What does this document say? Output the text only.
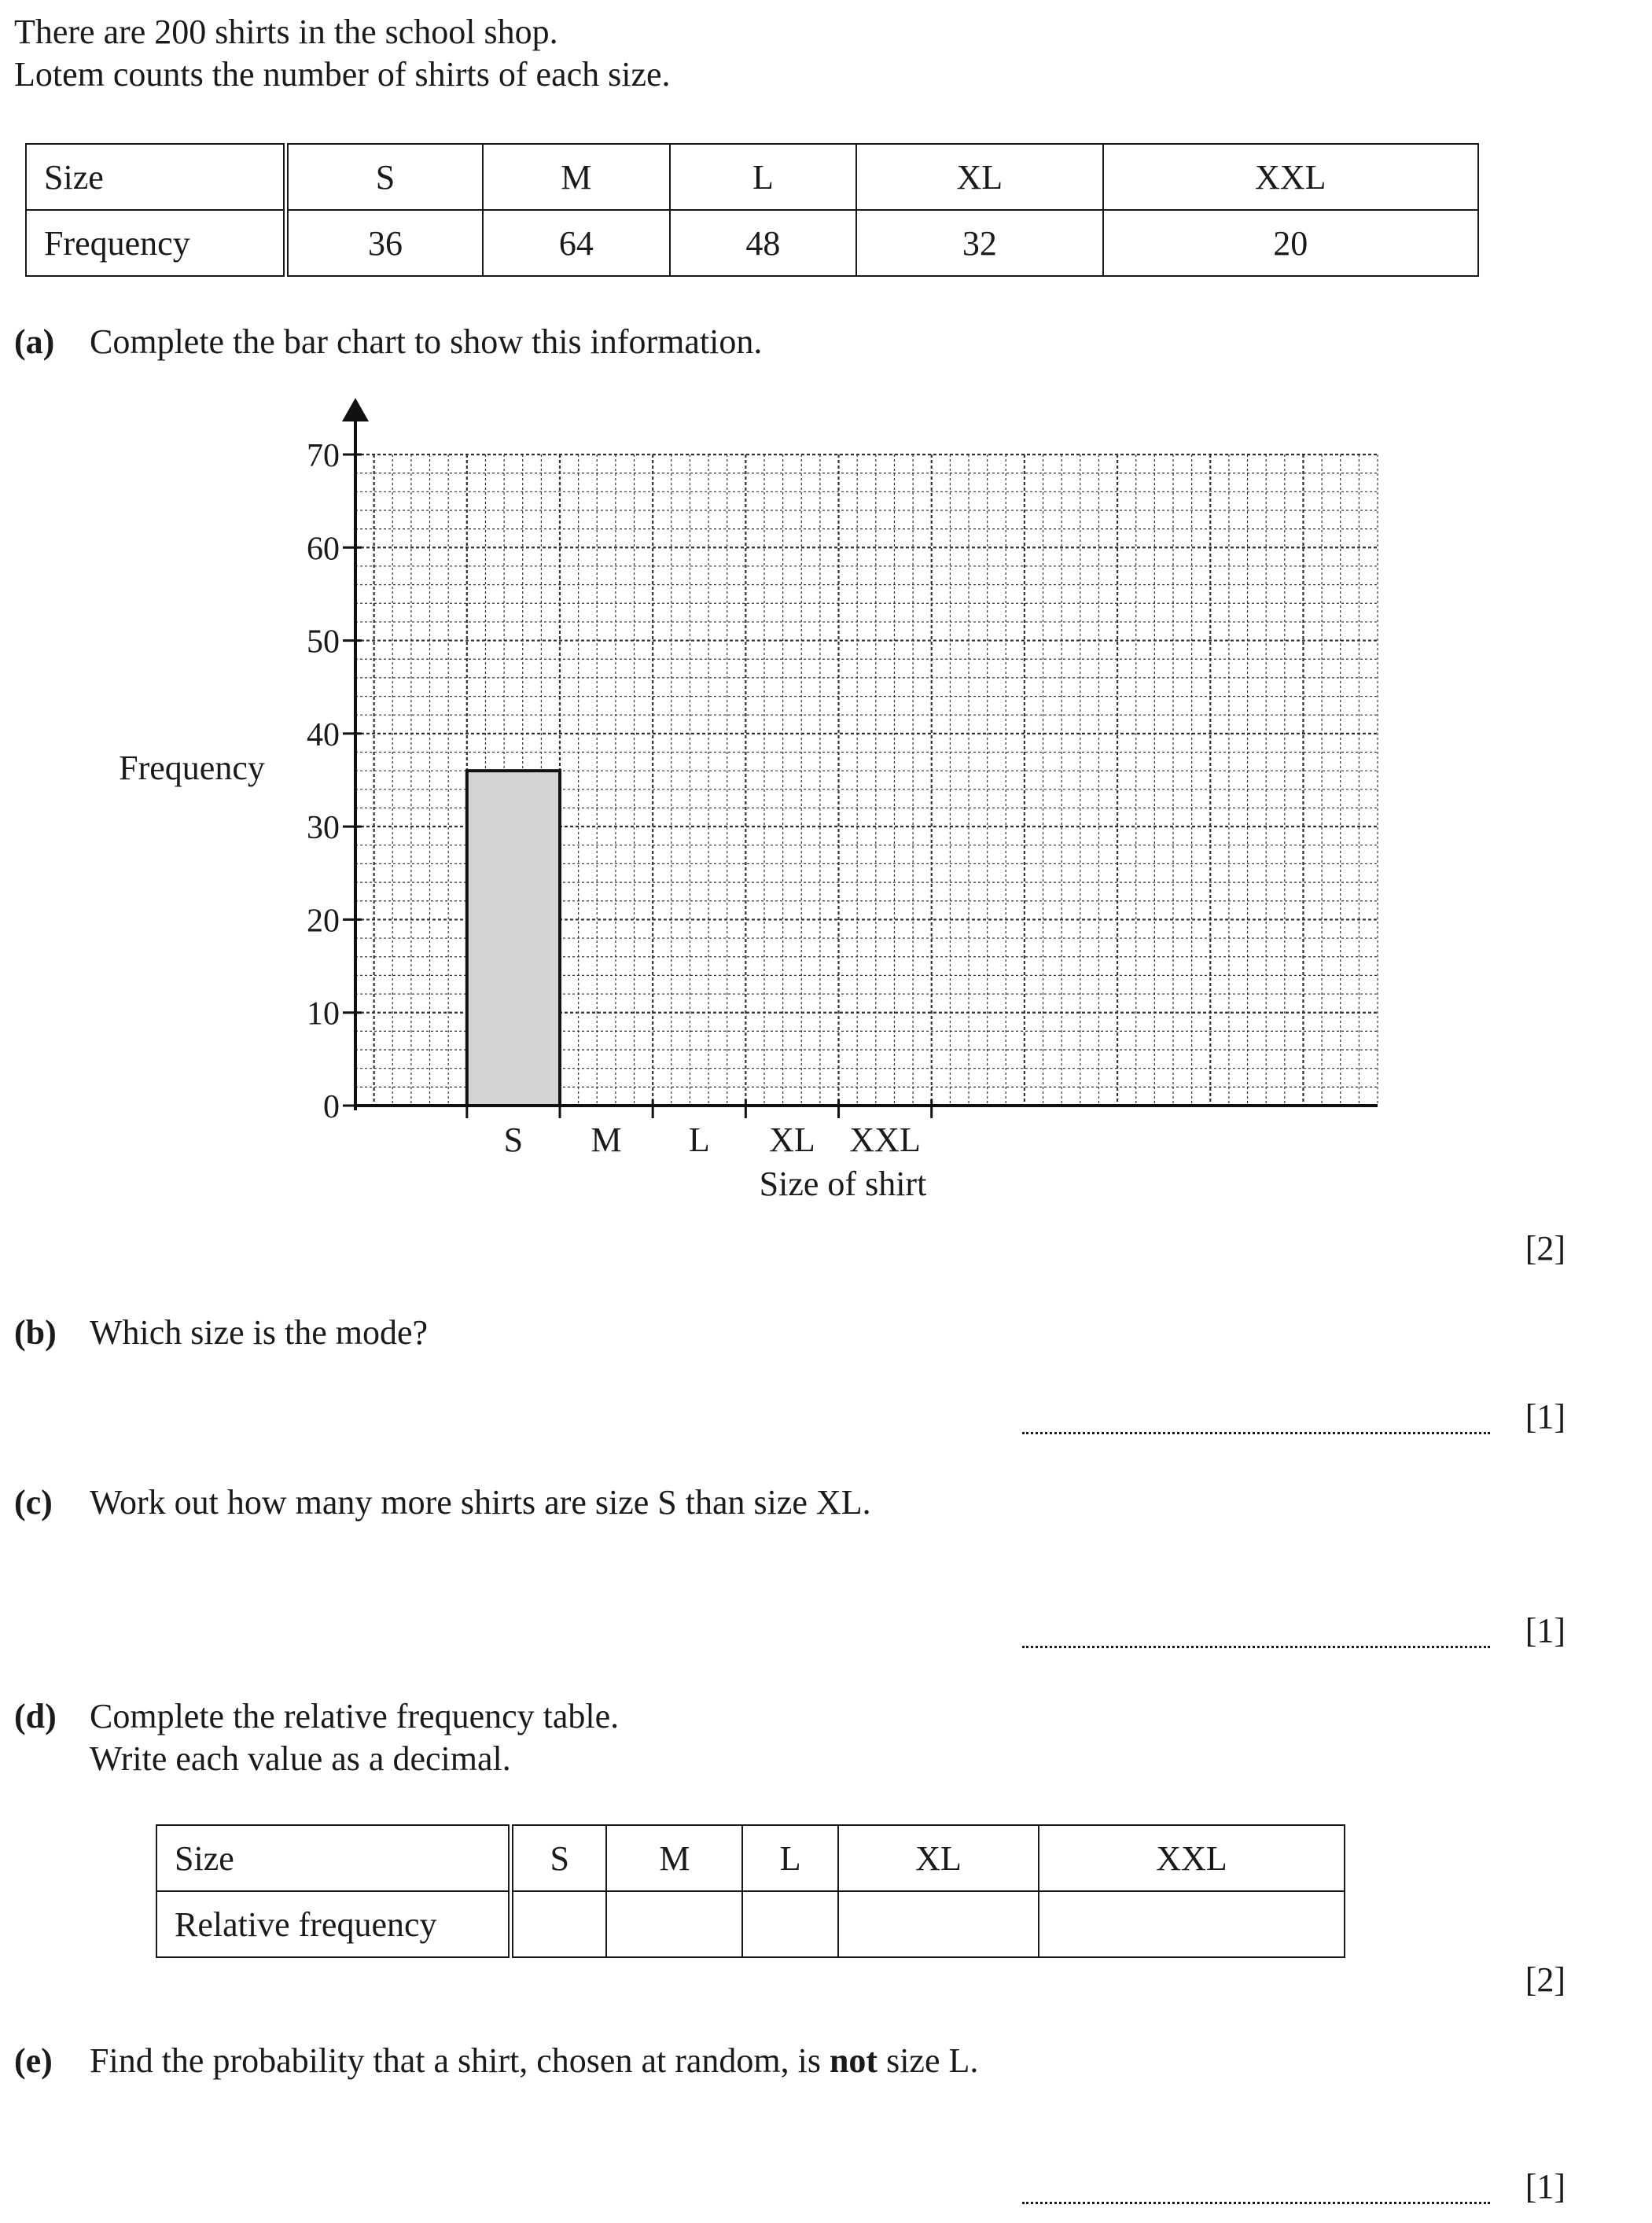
There are 200 shirts in the school shop.
Lotem counts the number of shirts of each size.
Size	S	M	L	XL	XXL
Frequency	36	64	48	32	20
(a) Complete the bar chart to show this information.
0
10
20
30
40
50
60
70
S M L XL XXL
Frequency
Size of shirt
[2]
(b) Which size is the mode?
[1]
(c) Work out how many more shirts are size S than size XL.
[1]
(d) Complete the relative frequency table.
Write each value as a decimal.
Size	S	M	L	XL	XXL
Relative frequency					
[2]
(e) Find the probability that a shirt, chosen at random, is not size L.
[1]
